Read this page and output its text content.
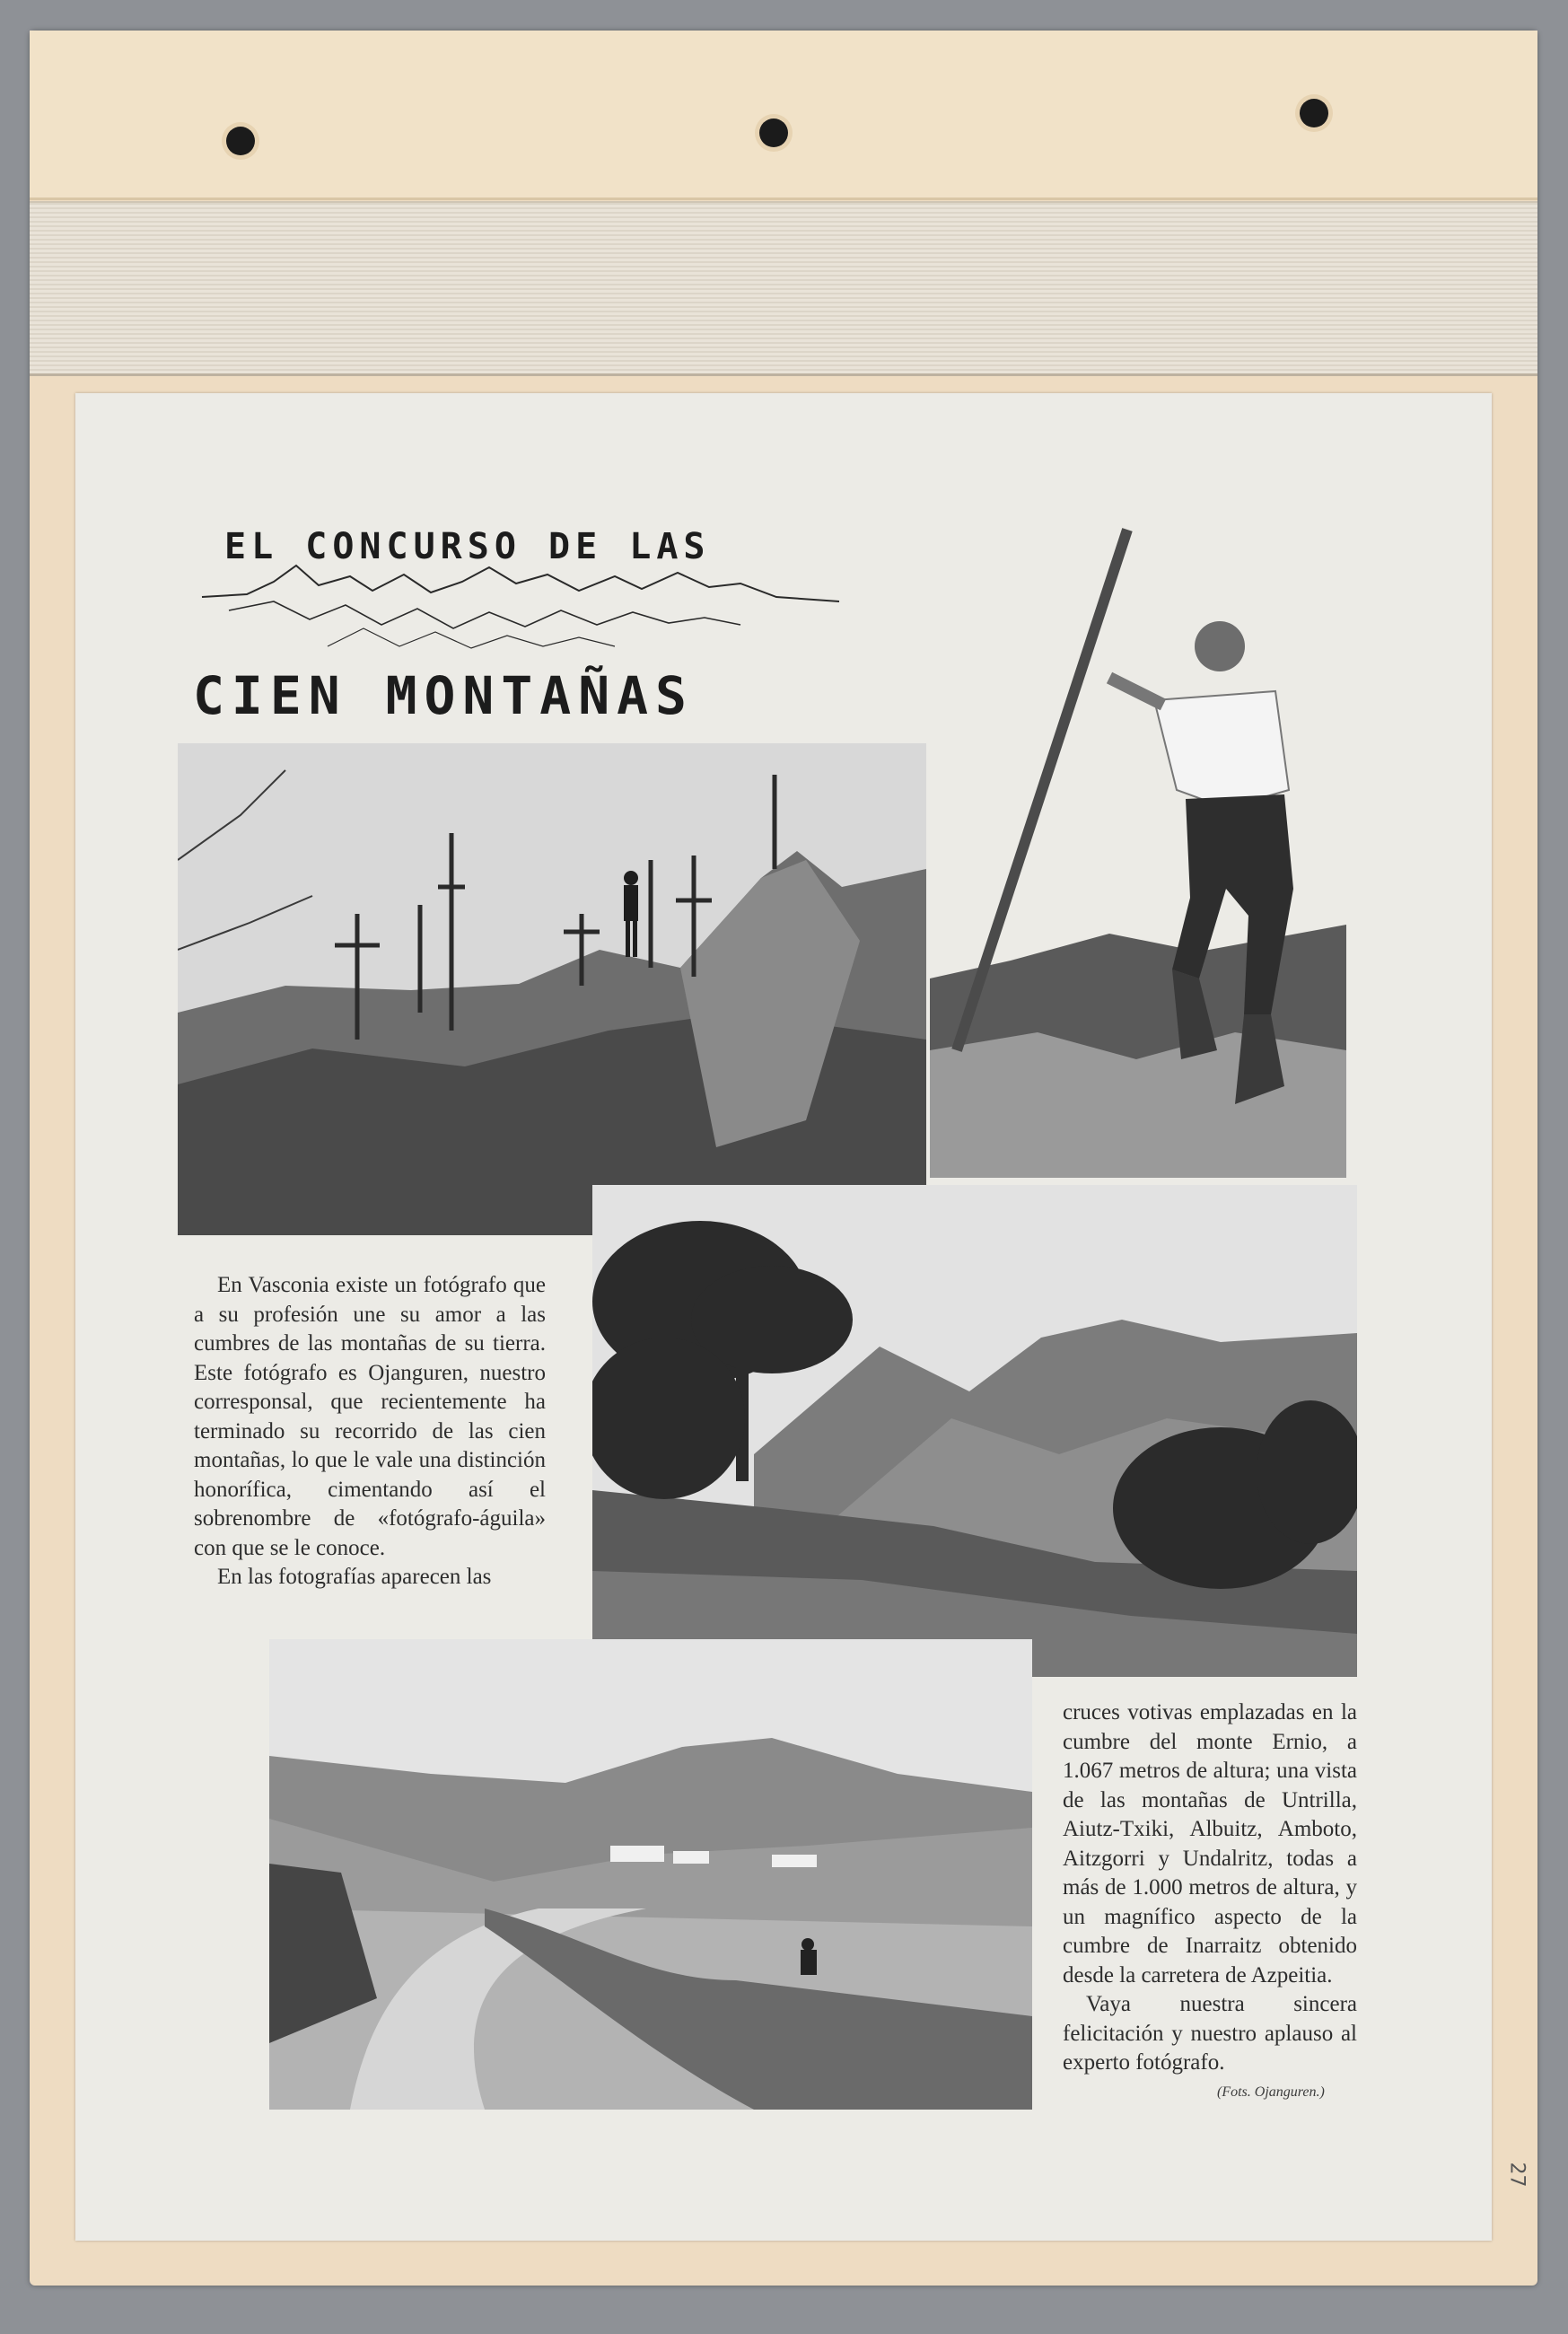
EL CONCURSO DE LAS
CIEN MONTAÑAS

En Vasconia existe un fotógrafo que a su profesión une su amor a las cumbres de las montañas de su tierra. Este fotógrafo es Ojanguren, nuestro corresponsal, que recientemente ha terminado su recorrido de las cien montañas, lo que le vale una distinción honorífica, cimentando así el sobrenombre de «fotógrafo-águila» con que se le conoce.

En las fotografías aparecen las

cruces votivas emplazadas en la cumbre del monte Ernio, a 1.067 metros de altura; una vista de las montañas de Untrilla, Aiutz-Txiki, Albuitz, Amboto, Aitzgorri y Undalritz, todas a más de 1.000 metros de altura, y un magnífico aspecto de la cumbre de Inarraitz obtenido desde la carretera de Azpeitia.

Vaya nuestra sincera felicitación y nuestro aplauso al experto fotógrafo.

(Fots. Ojanguren.)
27
